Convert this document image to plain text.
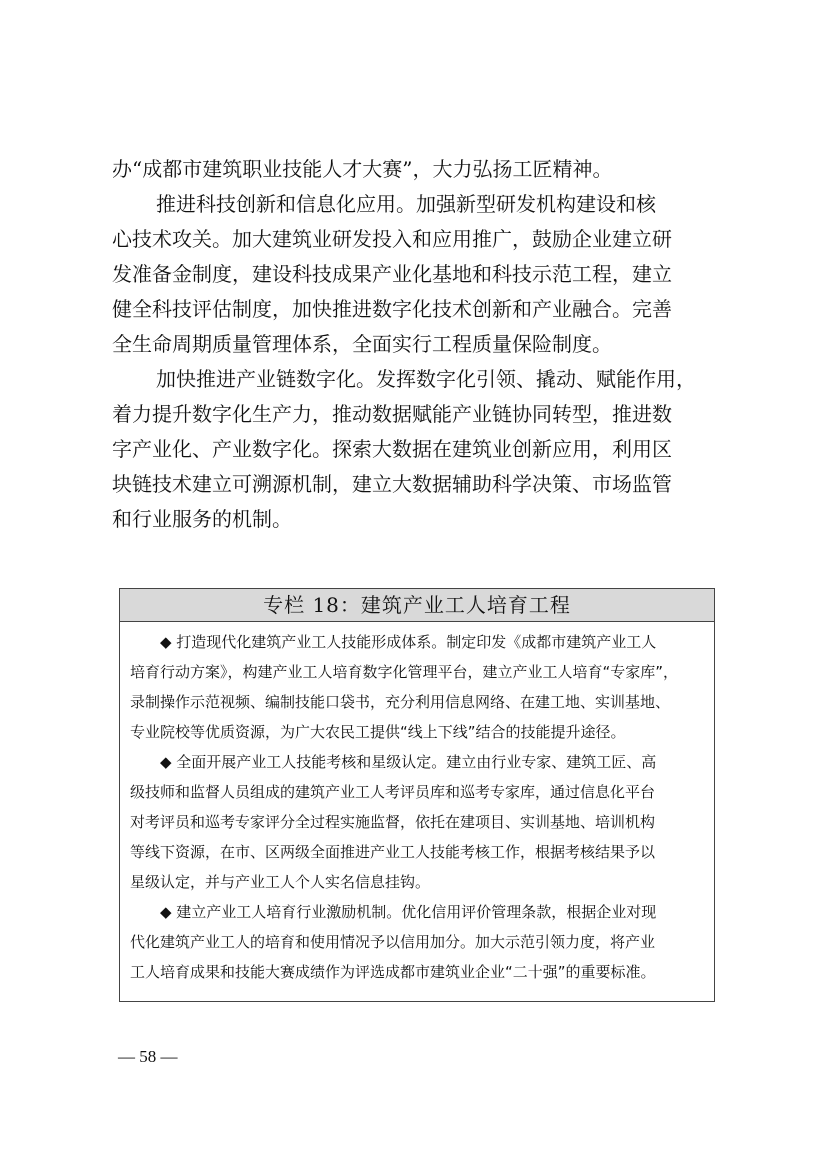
办“成都市建筑职业技能人才大赛”，大力弘扬工匠精神。
推进科技创新和信息化应用。加强新型研发机构建设和核
心技术攻关。加大建筑业研发投入和应用推广，鼓励企业建立研
发准备金制度，建设科技成果产业化基地和科技示范工程，建立
健全科技评估制度，加快推进数字化技术创新和产业融合。完善
全生命周期质量管理体系，全面实行工程质量保险制度。
加快推进产业链数字化。发挥数字化引领、撬动、赋能作用，
着力提升数字化生产力，推动数据赋能产业链协同转型，推进数
字产业化、产业数字化。探索大数据在建筑业创新应用，利用区
块链技术建立可溯源机制，建立大数据辅助科学决策、市场监管
和行业服务的机制。
专栏 18：建筑产业工人培育工程
◆ 打造现代化建筑产业工人技能形成体系。制定印发《成都市建筑产业工人
培育行动方案》，构建产业工人培育数字化管理平台，建立产业工人培育“专家库”，
录制操作示范视频、编制技能口袋书，充分利用信息网络、在建工地、实训基地、
专业院校等优质资源，为广大农民工提供“线上下线”结合的技能提升途径。
◆ 全面开展产业工人技能考核和星级认定。建立由行业专家、建筑工匠、高
级技师和监督人员组成的建筑产业工人考评员库和巡考专家库，通过信息化平台
对考评员和巡考专家评分全过程实施监督，依托在建项目、实训基地、培训机构
等线下资源，在市、区两级全面推进产业工人技能考核工作，根据考核结果予以
星级认定，并与产业工人个人实名信息挂钩。
◆ 建立产业工人培育行业激励机制。优化信用评价管理条款，根据企业对现
代化建筑产业工人的培育和使用情况予以信用加分。加大示范引领力度，将产业
工人培育成果和技能大赛成绩作为评选成都市建筑业企业“二十强”的重要标准。
— 58 —
